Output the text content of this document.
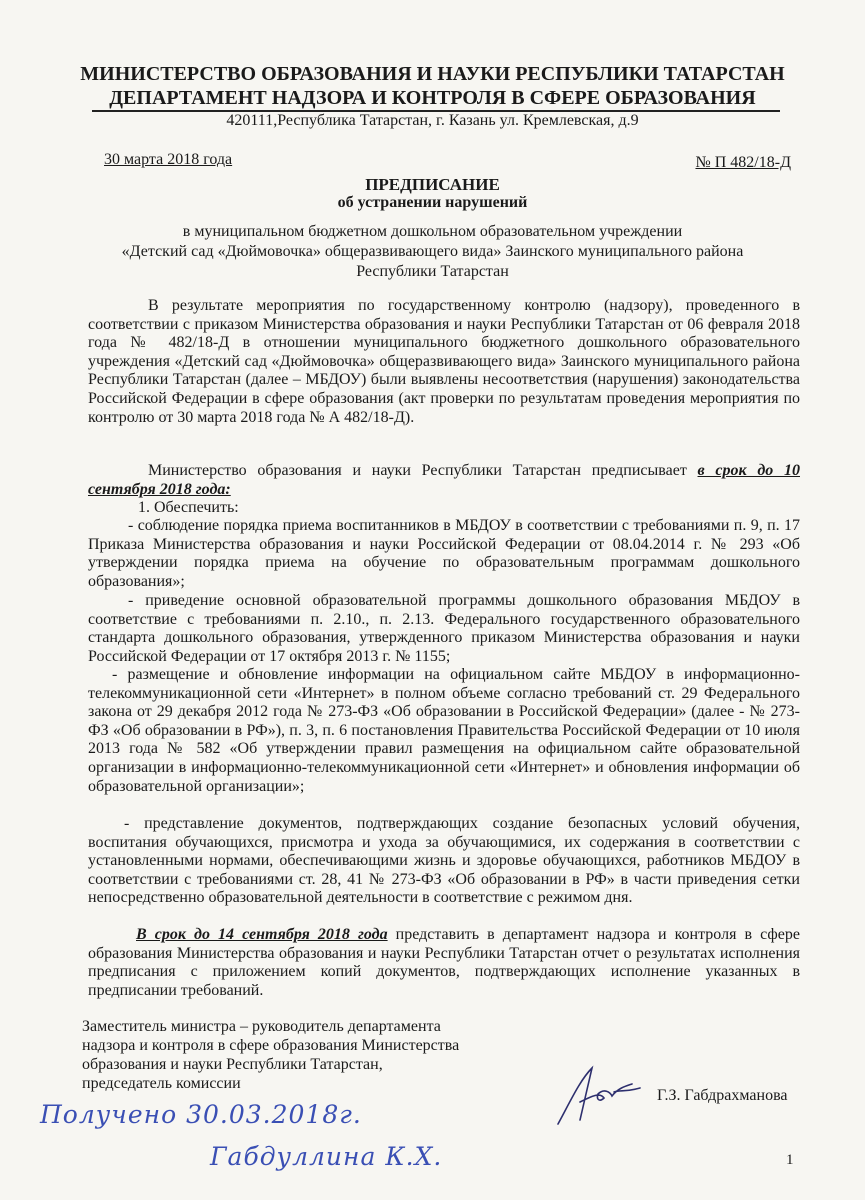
МИНИСТЕРСТВО ОБРАЗОВАНИЯ И НАУКИ РЕСПУБЛИКИ ТАТАРСТАН
ДЕПАРТАМЕНТ НАДЗОРА И КОНТРОЛЯ В СФЕРЕ ОБРАЗОВАНИЯ
420111,Республика Татарстан, г. Казань ул. Кремлевская, д.9
30 марта 2018 года	№ П 482/18-Д
ПРЕДПИСАНИЕ
об устранении нарушений
в муниципальном бюджетном дошкольном образовательном учреждении
«Детский сад «Дюймовочка» общеразвивающего вида» Заинского муниципального района
Республики Татарстан

В результате мероприятия по государственному контролю (надзору), проведенного в соответствии с приказом Министерства образования и науки Республики Татарстан от 06 февраля 2018 года № 482/18-Д в отношении муниципального бюджетного дошкольного образовательного учреждения «Детский сад «Дюймовочка» общеразвивающего вида» Заинского муниципального района Республики Татарстан (далее – МБДОУ) были выявлены несоответствия (нарушения) законодательства Российской Федерации в сфере образования (акт проверки по результатам проведения мероприятия по контролю от 30 марта 2018 года № А 482/18-Д).

Министерство образования и науки Республики Татарстан предписывает в срок до 10 сентября 2018 года:

1. Обеспечить:

- соблюдение порядка приема воспитанников в МБДОУ в соответствии с требованиями п. 9, п. 17 Приказа Министерства образования и науки Российской Федерации от 08.04.2014 г. № 293 «Об утверждении порядка приема на обучение по образовательным программам дошкольного образования»;

- приведение основной образовательной программы дошкольного образования МБДОУ в соответствие с требованиями п. 2.10., п. 2.13. Федерального государственного образовательного стандарта дошкольного образования, утвержденного приказом Министерства образования и науки Российской Федерации от 17 октября 2013 г. № 1155;

- размещение и обновление информации на официальном сайте МБДОУ в информационно-телекоммуникационной сети «Интернет» в полном объеме согласно требований ст. 29 Федерального закона от 29 декабря 2012 года № 273-ФЗ «Об образовании в Российской Федерации» (далее - № 273-ФЗ «Об образовании в РФ»), п. 3, п. 6 постановления Правительства Российской Федерации от 10 июля 2013 года № 582 «Об утверждении правил размещения на официальном сайте образовательной организации в информационно-телекоммуникационной сети «Интернет» и обновления информации об образовательной организации»;

- представление документов, подтверждающих создание безопасных условий обучения, воспитания обучающихся, присмотра и ухода за обучающимися, их содержания в соответствии с установленными нормами, обеспечивающими жизнь и здоровье обучающихся, работников МБДОУ в соответствии с требованиями ст. 28, 41 № 273-ФЗ «Об образовании в РФ» в части приведения сетки непосредственно образовательной деятельности в соответствие с режимом дня.

В срок до 14 сентября 2018 года представить в департамент надзора и контроля в сфере образования Министерства образования и науки Республики Татарстан отчет о результатах исполнения предписания с приложением копий документов, подтверждающих исполнение указанных в предписании требований.

Заместитель министра – руководитель департамента
надзора и контроля в сфере образования Министерства
образования и науки Республики Татарстан,
председатель комиссии
Г.З. Габдрахманова
Получено 30.03.2018г.
Габдуллина К.Х.	1
